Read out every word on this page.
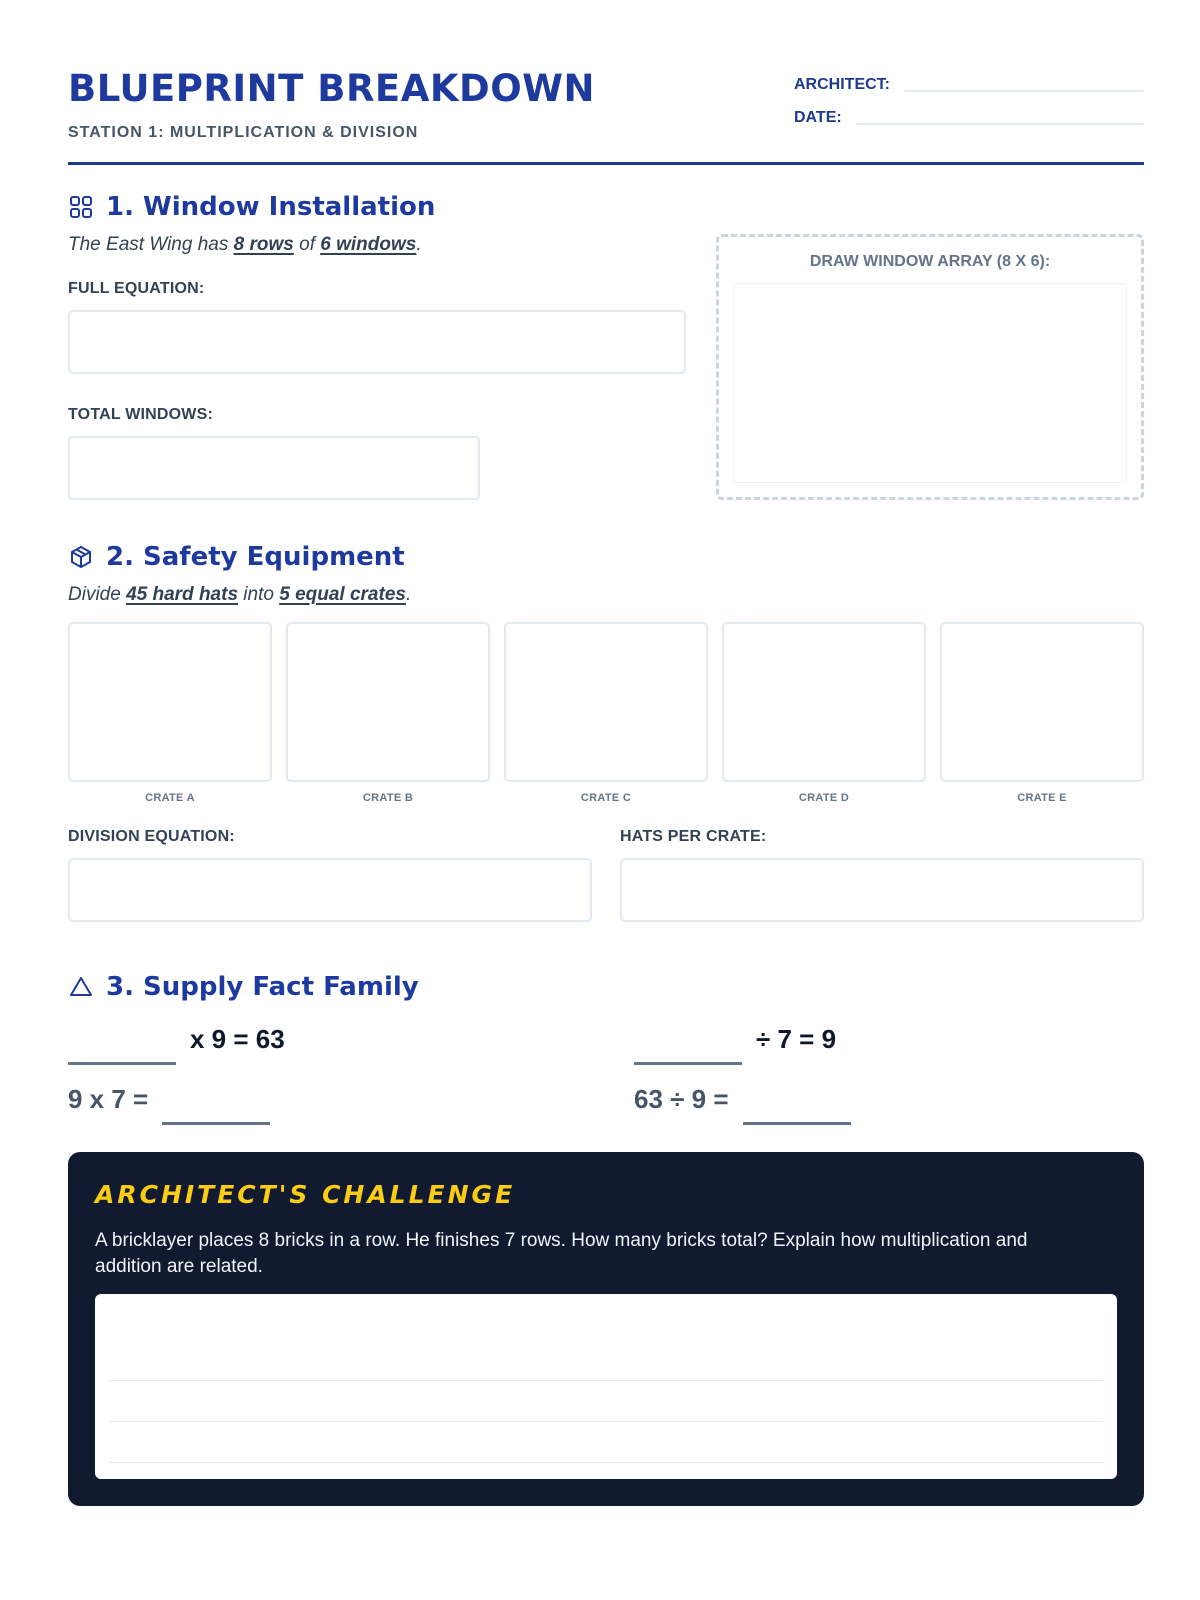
BLUEPRINT BREAKDOWN
STATION 1: MULTIPLICATION & DIVISION
ARCHITECT:
DATE:
1. Window Installation
The East Wing has 8 rows of 6 windows.
FULL EQUATION:
TOTAL WINDOWS:
DRAW WINDOW ARRAY (8 X 6):
2. Safety Equipment
Divide 45 hard hats into 5 equal crates.
CRATE A	CRATE B	CRATE C	CRATE D	CRATE E
DIVISION EQUATION:	HATS PER CRATE:
3. Supply Fact Family
x 9 = 63	÷ 7 = 9
9 x 7 =	63 ÷ 9 =
ARCHITECT'S CHALLENGE
A bricklayer places 8 bricks in a row. He finishes 7 rows. How many bricks total? Explain how multiplication and addition are related.
